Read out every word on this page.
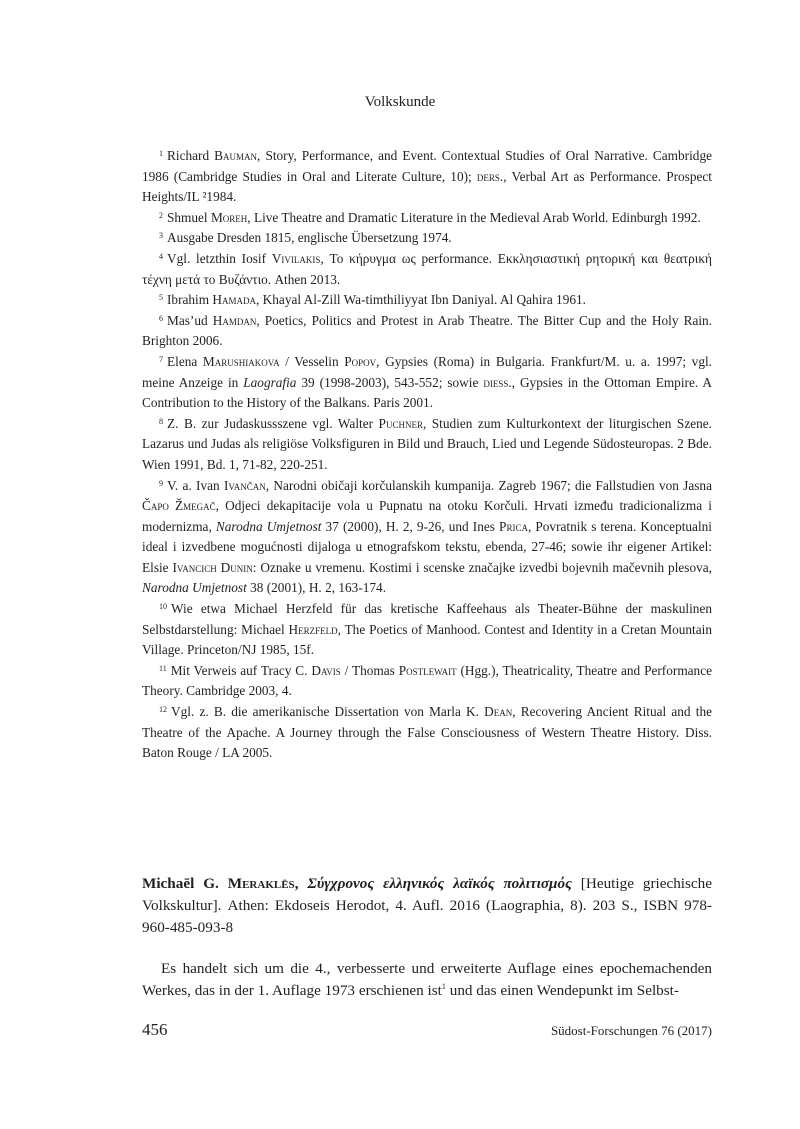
Volkskunde

$^1$ Richard Bauman, Story, Performance, and Event. Contextual Studies of Oral Narrative. Cambridge 1986 (Cambridge Studies in Oral and Literate Culture, 10); ders., Verbal Art as Performance. Prospect Heights/IL ²1984.

$^2$ Shmuel Moreh, Live Theatre and Dramatic Literature in the Medieval Arab World. Edinburgh 1992.

$^3$ Ausgabe Dresden 1815, englische Übersetzung 1974.

$^4$ Vgl. letzthin Iosif Vivilakis, Το κήρυγμα ως performance. Εκκλησιαστική ρητορική και θεατρική τέχνη μετά το Βυζάντιο. Athen 2013.

$^5$ Ibrahim Hamada, Khayal Al-Zill Wa-timthiliyyat Ibn Daniyal. Al Qahira 1961.

$^6$ Mas’ud Hamdan, Poetics, Politics and Protest in Arab Theatre. The Bitter Cup and the Holy Rain. Brighton 2006.

$^7$ Elena Marushiakova / Vesselin Popov, Gypsies (Roma) in Bulgaria. Frankfurt/M. u. a. 1997; vgl. meine Anzeige in Laografia 39 (1998-2003), 543-552; sowie diess., Gypsies in the Ottoman Empire. A Contribution to the History of the Balkans. Paris 2001.

$^8$ Z. B. zur Judaskussszene vgl. Walter Puchner, Studien zum Kulturkontext der liturgischen Szene. Lazarus und Judas als religiöse Volksfiguren in Bild und Brauch, Lied und Legende Südosteuropas. 2 Bde. Wien 1991, Bd. 1, 71-82, 220-251.

$^9$ V. a. Ivan Ivančan, Narodni običaji korčulanskih kumpanija. Zagreb 1967; die Fallstudien von Jasna Čapo Žmegač, Odjeci dekapitacije vola u Pupnatu na otoku Korčuli. Hrvati između tradicionalizma i modernizma, Narodna Umjetnost 37 (2000), H. 2, 9-26, und Ines Prica, Povratnik s terena. Konceptualni ideal i izvedbene mogućnosti dijaloga u etnografskom tekstu, ebenda, 27-46; sowie ihr eigener Artikel: Elsie Ivancich Dunin: Oznake u vremenu. Kostimi i scenske značajke izvedbi bojevnih mačevnih plesova, Narodna Umjetnost 38 (2001), H. 2, 163-174.

$^{10}$ Wie etwa Michael Herzfeld für das kretische Kaffeehaus als Theater-Bühne der maskulinen Selbstdarstellung: Michael Herzfeld, The Poetics of Manhood. Contest and Identity in a Cretan Mountain Village. Princeton/NJ 1985, 15f.

$^{11}$ Mit Verweis auf Tracy C. Davis / Thomas Postlewait (Hgg.), Theatricality, Theatre and Performance Theory. Cambridge 2003, 4.

$^{12}$ Vgl. z. B. die amerikanische Dissertation von Marla K. Dean, Recovering Ancient Ritual and the Theatre of the Apache. A Journey through the False Consciousness of Western Theatre History. Diss. Baton Rouge / LA 2005.

Michaēl G. Meraklēs, Σύγχρονος ελληνικός λαϊκός πολιτισμός [Heutige griechische Volkskultur]. Athen: Ekdoseis Herodot, 4. Aufl. 2016 (Laographia, 8). 203 S., ISBN 978-960-485-093-8

Es handelt sich um die 4., verbesserte und erweiterte Auflage eines epochemachenden Werkes, das in der 1. Auflage 1973 erschienen ist$^1$ und das einen Wendepunkt im Selbst-

456	Südost-Forschungen 76 (2017)
